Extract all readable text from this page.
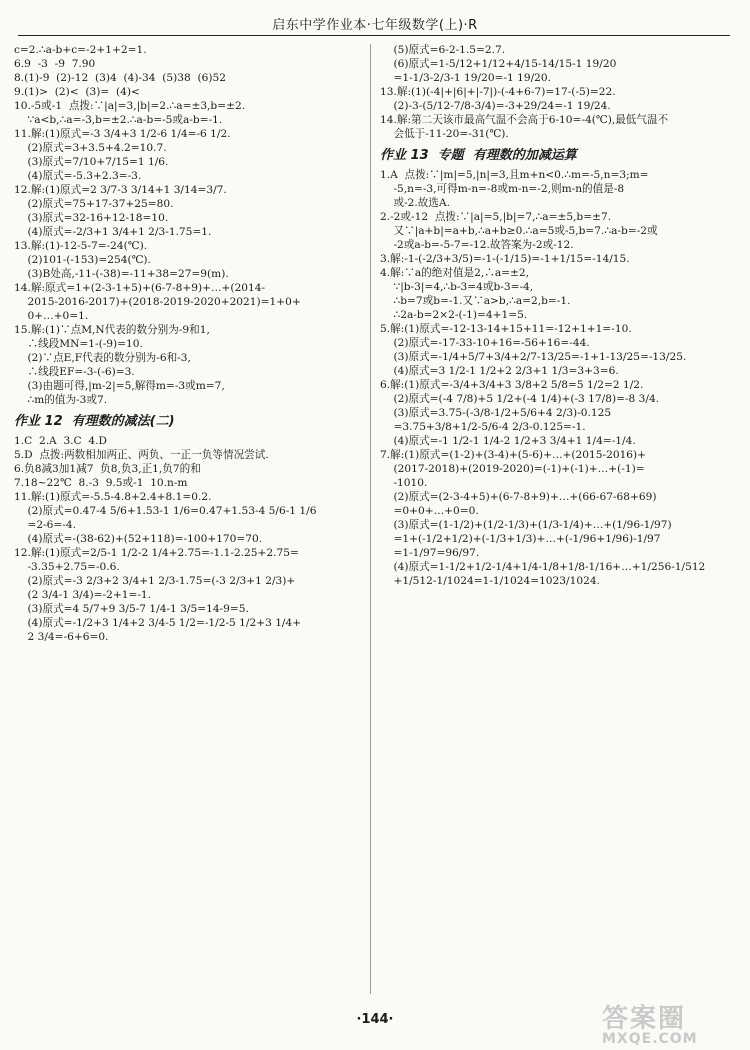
启东中学作业本·七年级数学(上)·R
c=2.∴a-b+c=-2+1+2=1.
6.9  -3  -9  7.90
8.(1)-9  (2)-12  (3)4  (4)-34  (5)38  (6)52
9.(1)>  (2)<  (3)=  (4)<
10.-5或-1  点拨:∵|a|=3,|b|=2.∴a=±3,b=±2.
∵a<b,∴a=-3,b=±2.∴a-b=-5或a-b=-1.
11.解:(1)原式=-3 3/4+3 1/2-6 1/4=-6 1/2.
(2)原式=3+3.5+4.2=10.7.
(3)原式=7/10+7/15=1 1/6.
(4)原式=-5.3+2.3=-3.
12.解:(1)原式=2 3/7-3 3/14+1 3/14=3/7.
(2)原式=75+17-37+25=80.
(3)原式=32-16+12-18=10.
(4)原式=-2/3+1 3/4+1 2/3-1.75=1.
13.解:(1)-12-5-7=-24(℃).
(2)101-(-153)=254(℃).
(3)B处高,-11-(-38)=-11+38=27=9(m).
14.解:原式=1+(2-3-1+5)+(6-7-8+9)+…+(2014-
2015-2016-2017)+(2018-2019-2020+2021)=1+0+
0+…+0=1.
15.解:(1)∵点M,N代表的数分别为-9和1,
∴线段MN=1-(-9)=10.
(2)∵点E,F代表的数分别为-6和-3,
∴线段EF=-3-(-6)=3.
(3)由题可得,|m-2|=5,解得m=-3或m=7,
∴m的值为-3或7.
作业 12  有理数的减法(二)
1.C  2.A  3.C  4.D
5.D  点拨:两数相加两正、两负、一正一负等情况尝试.
6.负8减3加1减7  负8,负3,正1,负7的和
7.18~22℃  8.-3  9.5或-1  10.n-m
11.解:(1)原式=-5.5-4.8+2.4+8.1=0.2.
(2)原式=0.47-4 5/6+1.53-1 1/6=0.47+1.53-4 5/6-1 1/6
=2-6=-4.
(4)原式=-(38-62)+(52+118)=-100+170=70.
12.解:(1)原式=2/5-1 1/2-2 1/4+2.75=-1.1-2.25+2.75=
-3.35+2.75=-0.6.
(2)原式=-3 2/3+2 3/4+1 2/3-1.75=(-3 2/3+1 2/3)+
(2 3/4-1 3/4)=-2+1=-1.
(3)原式=4 5/7+9 3/5-7 1/4-1 3/5=14-9=5.
(4)原式=-1/2+3 1/4+2 3/4-5 1/2=-1/2-5 1/2+3 1/4+
2 3/4=-6+6=0.
(5)原式=6-2-1.5=2.7.
(6)原式=1-5/12+1/12+4/15-14/15-1 19/20
=1-1/3-2/3-1 19/20=-1 19/20.
13.解:(1)(-4|+|6|+|-7|)-(-4+6-7)=17-(-5)=22.
(2)-3-(5/12-7/8-3/4)=-3+29/24=-1 19/24.
14.解:第二天该市最高气温不会高于6-10=-4(℃),最低气温不
会低于-11-20=-31(℃).
作业 13  专题  有理数的加减运算
1.A  点拨:∵|m|=5,|n|=3,且m+n<0.∴m=-5,n=3;m=
-5,n=-3,可得m-n=-8或m-n=-2,则m-n的值是-8
或-2.故选A.
2.-2或-12  点拨:∵|a|=5,|b|=7,∴a=±5,b=±7.
又∵|a+b|=a+b,∴a+b≥0.∴a=5或-5,b=7.∴a-b=-2或
-2或a-b=-5-7=-12.故答案为-2或-12.
3.解:-1-(-2/3+3/5)=-1-(-1/15)=-1+1/15=-14/15.
4.解:∵a的绝对值是2,∴a=±2,
∵|b-3|=4,∴b-3=4或b-3=-4,
∴b=7或b=-1.又∵a>b,∴a=2,b=-1.
∴2a-b=2×2-(-1)=4+1=5.
5.解:(1)原式=-12-13-14+15+11=-12+1+1=-10.
(2)原式=-17-33-10+16=-56+16=-44.
(3)原式=-1/4+5/7+3/4+2/7-13/25=-1+1-13/25=-13/25.
(4)原式=3 1/2-1 1/2+2 2/3+1 1/3=3+3=6.
6.解:(1)原式=-3/4+3/4+3 3/8+2 5/8=5 1/2=2 1/2.
(2)原式=(-4 7/8)+5 1/2+(-4 1/4)+(-3 17/8)=-8 3/4.
(3)原式=3.75-(-3/8-1/2+5/6+4 2/3)-0.125
=3.75+3/8+1/2-5/6-4 2/3-0.125=-1.
(4)原式=-1 1/2-1 1/4-2 1/2+3 3/4+1 1/4=-1/4.
7.解:(1)原式=(1-2)+(3-4)+(5-6)+…+(2015-2016)+
(2017-2018)+(2019-2020)=(-1)+(-1)+…+(-1)=
-1010.
(2)原式=(2-3-4+5)+(6-7-8+9)+…+(66-67-68+69)
=0+0+…+0=0.
(3)原式=(1-1/2)+(1/2-1/3)+(1/3-1/4)+…+(1/96-1/97)
=1+(-1/2+1/2)+(-1/3+1/3)+…+(-1/96+1/96)-1/97
=1-1/97=96/97.
(4)原式=1-1/2+1/2-1/4+1/4-1/8+1/8-1/16+…+1/256-1/512
+1/512-1/1024=1-1/1024=1023/1024.
·144·	答案圈
MXQE.COM
